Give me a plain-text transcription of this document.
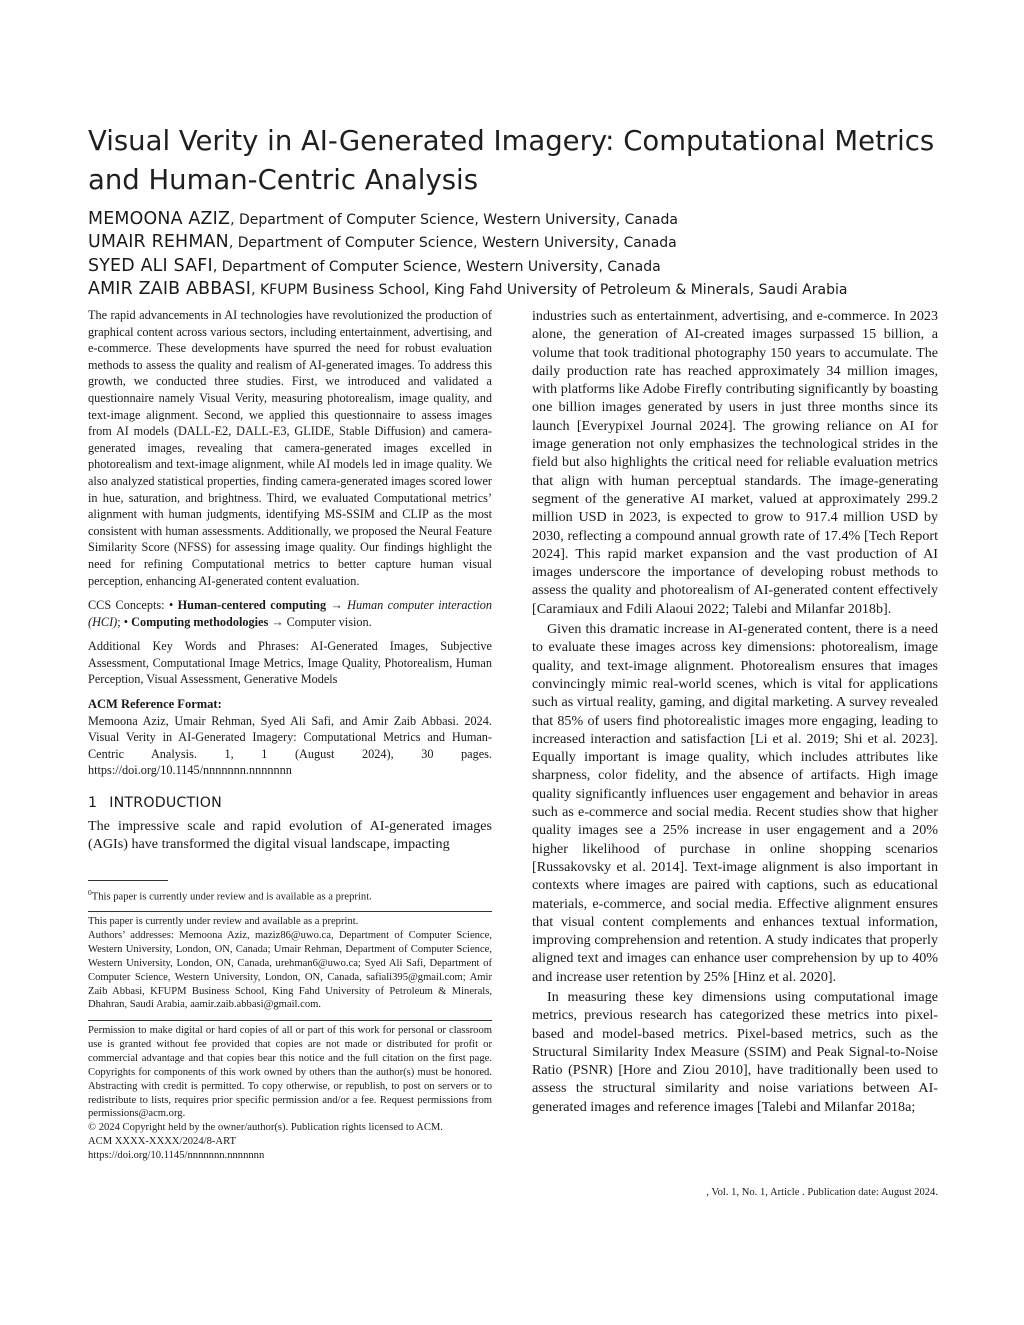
Visual Verity in AI-Generated Imagery: Computational Metrics and Human-Centric Analysis
MEMOONA AZIZ, Department of Computer Science, Western University, Canada
UMAIR REHMAN, Department of Computer Science, Western University, Canada
SYED ALI SAFI, Department of Computer Science, Western University, Canada
AMIR ZAIB ABBASI, KFUPM Business School, King Fahd University of Petroleum & Minerals, Saudi Arabia

The rapid advancements in AI technologies have revolutionized the production of graphical content across various sectors, including entertainment, advertising, and e-commerce. These developments have spurred the need for robust evaluation methods to assess the quality and realism of AI-generated images. To address this growth, we conducted three studies. First, we introduced and validated a questionnaire namely Visual Verity, measuring photorealism, image quality, and text-image alignment. Second, we applied this questionnaire to assess images from AI models (DALL-E2, DALL-E3, GLIDE, Stable Diffusion) and camera-generated images, revealing that camera-generated images excelled in photorealism and text-image alignment, while AI models led in image quality. We also analyzed statistical properties, finding camera-generated images scored lower in hue, saturation, and brightness. Third, we evaluated Computational metrics’ alignment with human judgments, identifying MS-SSIM and CLIP as the most consistent with human assessments. Additionally, we proposed the Neural Feature Similarity Score (NFSS) for assessing image quality. Our findings highlight the need for refining Computational metrics to better capture human visual perception, enhancing AI-generated content evaluation.

CCS Concepts: • Human-centered computing → Human computer interaction (HCI); • Computing methodologies → Computer vision.

Additional Key Words and Phrases: AI-Generated Images, Subjective Assessment, Computational Image Metrics, Image Quality, Photorealism, Human Perception, Visual Assessment, Generative Models

ACM Reference Format:

Memoona Aziz, Umair Rehman, Syed Ali Safi, and Amir Zaib Abbasi. 2024. Visual Verity in AI-Generated Imagery: Computational Metrics and Human-Centric Analysis. 1, 1 (August 2024), 30 pages. https://doi.org/10.1145/nnnnnnn.nnnnnnn

1 INTRODUCTION

The impressive scale and rapid evolution of AI-generated images (AGIs) have transformed the digital visual landscape, impacting

$^0$This paper is currently under review and is available as a preprint.

This paper is currently under review and available as a preprint.

Authors’ addresses: Memoona Aziz, maziz86@uwo.ca, Department of Computer Science, Western University, London, ON, Canada; Umair Rehman, Department of Computer Science, Western University, London, ON, Canada, urehman6@uwo.ca; Syed Ali Safi, Department of Computer Science, Western University, London, ON, Canada, safiali395@gmail.com; Amir Zaib Abbasi, KFUPM Business School, King Fahd University of Petroleum & Minerals, Dhahran, Saudi Arabia, aamir.zaib.abbasi@gmail.com.

Permission to make digital or hard copies of all or part of this work for personal or classroom use is granted without fee provided that copies are not made or distributed for profit or commercial advantage and that copies bear this notice and the full citation on the first page. Copyrights for components of this work owned by others than the author(s) must be honored. Abstracting with credit is permitted. To copy otherwise, or republish, to post on servers or to redistribute to lists, requires prior specific permission and/or a fee. Request permissions from permissions@acm.org.

© 2024 Copyright held by the owner/author(s). Publication rights licensed to ACM.

ACM XXXX-XXXX/2024/8-ART

https://doi.org/10.1145/nnnnnnn.nnnnnnn

industries such as entertainment, advertising, and e-commerce. In 2023 alone, the generation of AI-created images surpassed 15 billion, a volume that took traditional photography 150 years to accumulate. The daily production rate has reached approximately 34 million images, with platforms like Adobe Firefly contributing significantly by boasting one billion images generated by users in just three months since its launch [Everypixel Journal 2024]. The growing reliance on AI for image generation not only emphasizes the technological strides in the field but also highlights the critical need for reliable evaluation metrics that align with human perceptual standards. The image-generating segment of the generative AI market, valued at approximately 299.2 million USD in 2023, is expected to grow to 917.4 million USD by 2030, reflecting a compound annual growth rate of 17.4% [Tech Report 2024]. This rapid market expansion and the vast production of AI images underscore the importance of developing robust methods to assess the quality and photorealism of AI-generated content effectively [Caramiaux and Fdili Alaoui 2022; Talebi and Milanfar 2018b].

Given this dramatic increase in AI-generated content, there is a need to evaluate these images across key dimensions: photorealism, image quality, and text-image alignment. Photorealism ensures that images convincingly mimic real-world scenes, which is vital for applications such as virtual reality, gaming, and digital marketing. A survey revealed that 85% of users find photorealistic images more engaging, leading to increased interaction and satisfaction [Li et al. 2019; Shi et al. 2023]. Equally important is image quality, which includes attributes like sharpness, color fidelity, and the absence of artifacts. High image quality significantly influences user engagement and behavior in areas such as e-commerce and social media. Recent studies show that higher quality images see a 25% increase in user engagement and a 20% higher likelihood of purchase in online shopping scenarios [Russakovsky et al. 2014]. Text-image alignment is also important in contexts where images are paired with captions, such as educational materials, e-commerce, and social media. Effective alignment ensures that visual content complements and enhances textual information, improving comprehension and retention. A study indicates that properly aligned text and images can enhance user comprehension by up to 40% and increase user retention by 25% [Hinz et al. 2020].

In measuring these key dimensions using computational image metrics, previous research has categorized these metrics into pixel-based and model-based metrics. Pixel-based metrics, such as the Structural Similarity Index Measure (SSIM) and Peak Signal-to-Noise Ratio (PSNR) [Hore and Ziou 2010], have traditionally been used to assess the structural similarity and noise variations between AI-generated images and reference images [Talebi and Milanfar 2018a;

, Vol. 1, No. 1, Article . Publication date: August 2024.
